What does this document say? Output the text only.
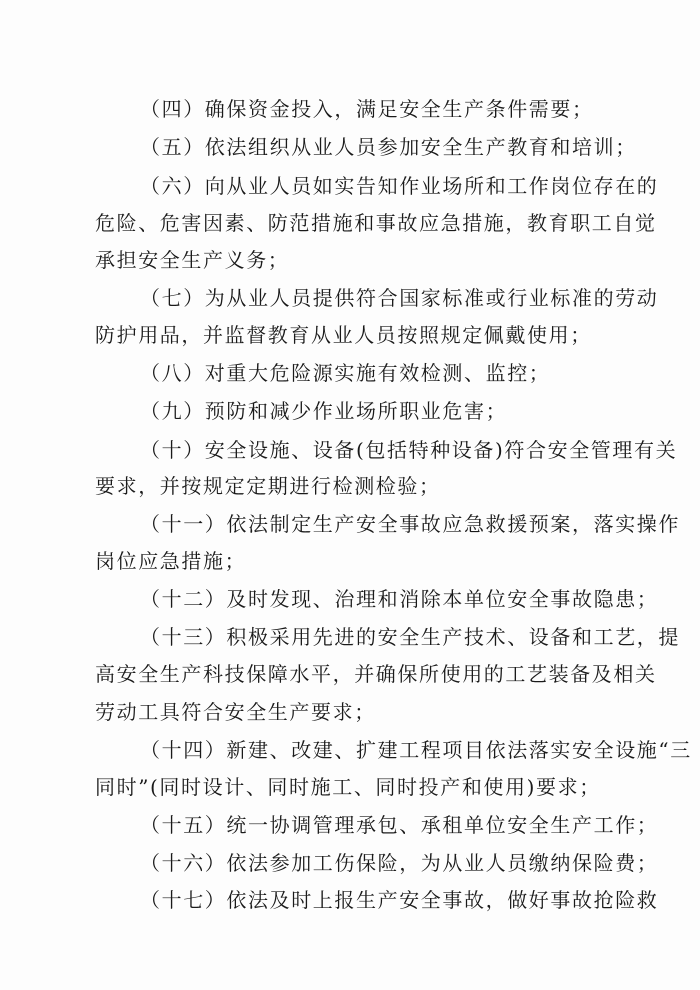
（四）确保资金投入，满足安全生产条件需要；
（五）依法组织从业人员参加安全生产教育和培训；
（六）向从业人员如实告知作业场所和工作岗位存在的
危险、危害因素、防范措施和事故应急措施，教育职工自觉
承担安全生产义务；
（七）为从业人员提供符合国家标准或行业标准的劳动
防护用品，并监督教育从业人员按照规定佩戴使用；
（八）对重大危险源实施有效检测、监控；
（九）预防和减少作业场所职业危害；
（十）安全设施、设备(包括特种设备)符合安全管理有关
要求，并按规定定期进行检测检验；
（十一）依法制定生产安全事故应急救援预案，落实操作
岗位应急措施；
（十二）及时发现、治理和消除本单位安全事故隐患；
（十三）积极采用先进的安全生产技术、设备和工艺，提
高安全生产科技保障水平，并确保所使用的工艺装备及相关
劳动工具符合安全生产要求；
（十四）新建、改建、扩建工程项目依法落实安全设施“三
同时”(同时设计、同时施工、同时投产和使用)要求；
（十五）统一协调管理承包、承租单位安全生产工作；
（十六）依法参加工伤保险，为从业人员缴纳保险费；
（十七）依法及时上报生产安全事故，做好事故抢险救
